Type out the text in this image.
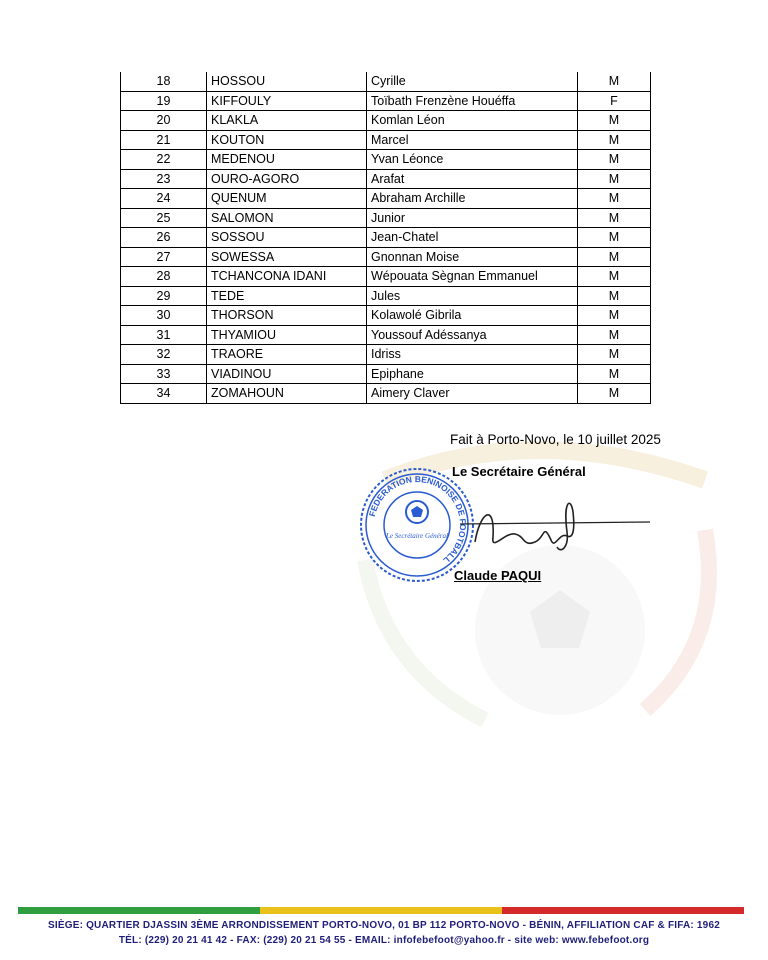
18	HOSSOU	Cyrille	M
19	KIFFOULY	Toïbath Frenzène Houéffa	F
20	KLAKLA	Komlan Léon	M
21	KOUTON	Marcel	M
22	MEDENOU	Yvan Léonce	M
23	OURO-AGORO	Arafat	M
24	QUENUM	Abraham Archille	M
25	SALOMON	Junior	M
26	SOSSOU	Jean-Chatel	M
27	SOWESSA	Gnonnan Moise	M
28	TCHANCONA IDANI	Wépouata Sègnan Emmanuel	M
29	TEDE	Jules	M
30	THORSON	Kolawolé Gibrila	M
31	THYAMIOU	Youssouf Adéssanya	M
32	TRAORE	Idriss	M
33	VIADINOU	Epiphane	M
34	ZOMAHOUN	Aimery Claver	M
Fait à Porto-Novo, le 10 juillet 2025
Le Secrétaire Général
FEDERATION BENINOISE DE FOOTBALL
Le Secrétaire Général
Claude PAQUI
SIÈGE: QUARTIER DJASSIN 3ÈME ARRONDISSEMENT PORTO-NOVO, 01 BP 112 PORTO-NOVO - BÉNIN, AFFILIATION CAF & FIFA: 1962
TÉL: (229) 20 21 41 42 - FAX: (229) 20 21 54 55 - EMAIL: infofebefoot@yahoo.fr - site web: www.febefoot.org
